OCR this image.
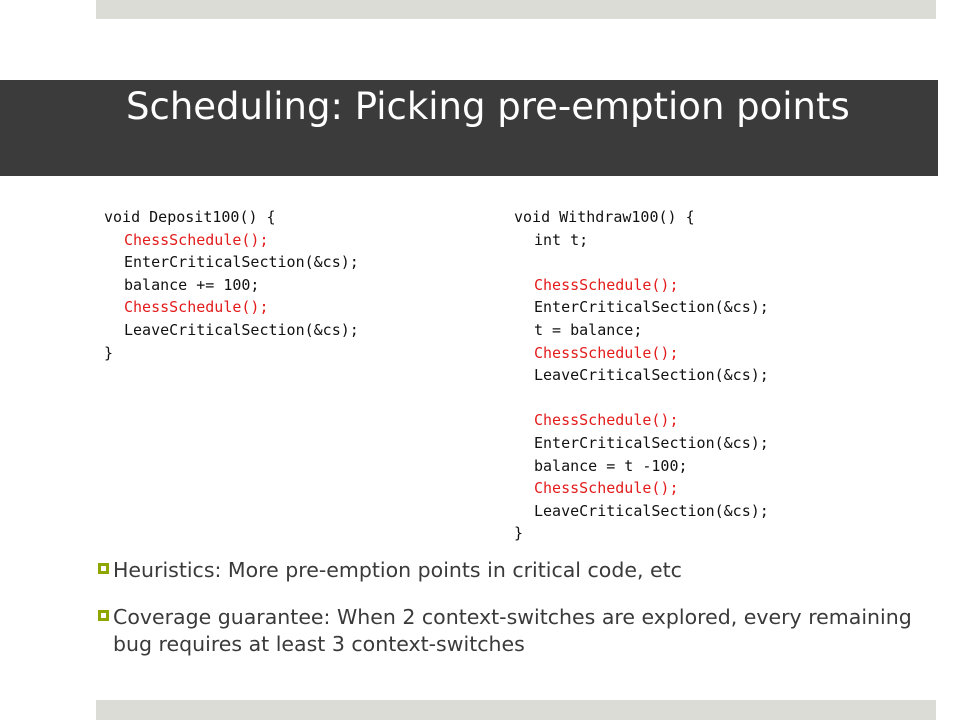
Scheduling: Picking pre-emption points
void Deposit100() {
ChessSchedule();
EnterCriticalSection(&cs);
balance += 100;
ChessSchedule();
LeaveCriticalSection(&cs);
}
void Withdraw100() {
int t;
ChessSchedule();
EnterCriticalSection(&cs);
t = balance;
ChessSchedule();
LeaveCriticalSection(&cs);
ChessSchedule();
EnterCriticalSection(&cs);
balance = t -100;
ChessSchedule();
LeaveCriticalSection(&cs);
}
Heuristics: More pre-emption points in critical code, etc
Coverage guarantee: When 2 context-switches are explored, every remaining bug requires at least 3 context-switches
